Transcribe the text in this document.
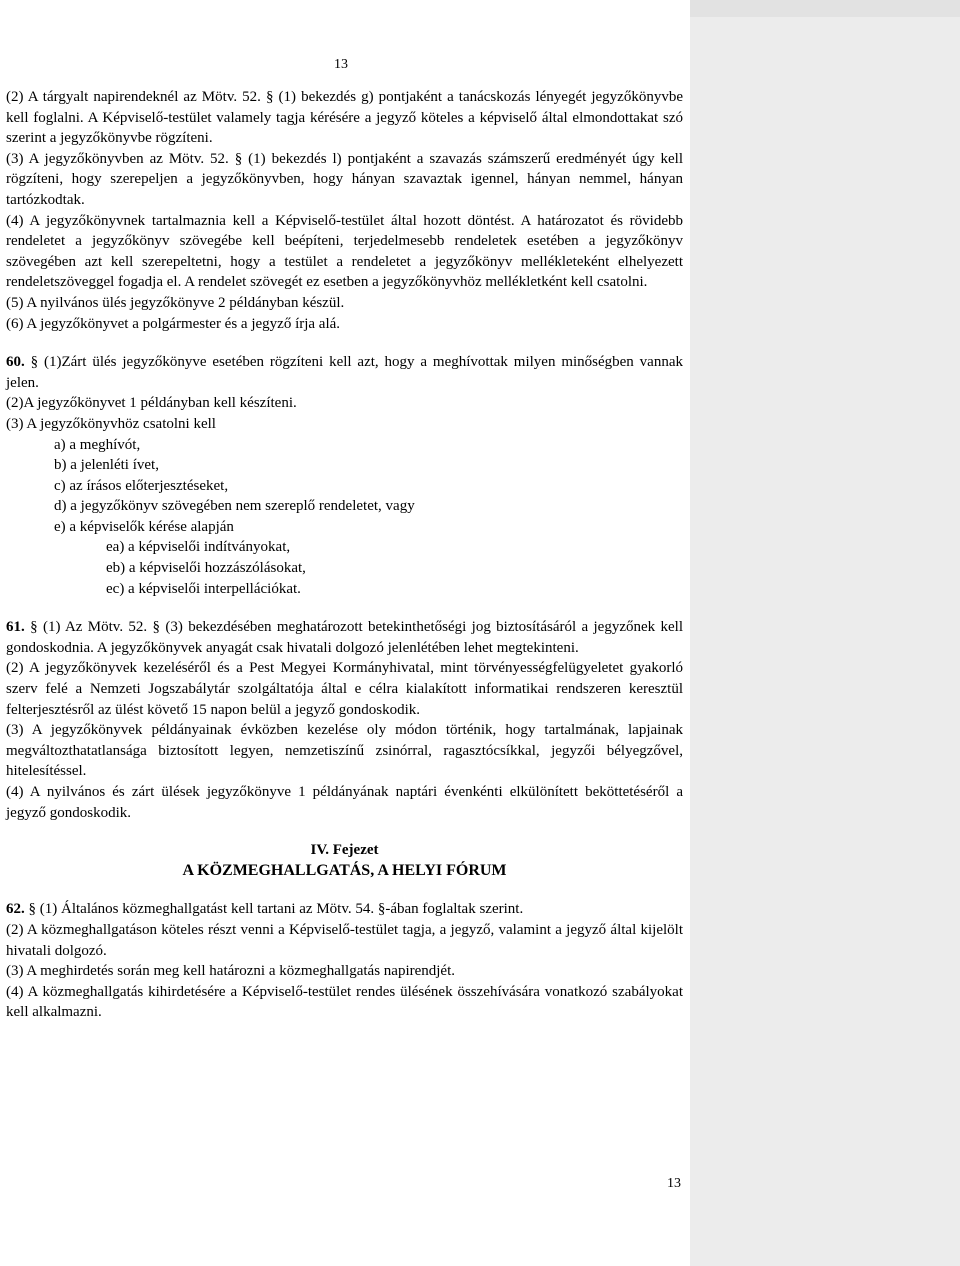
13

(2) A tárgyalt napirendeknél az Mötv. 52. § (1) bekezdés g) pontjaként a tanácskozás lényegét jegyzőkönyvbe kell foglalni. A Képviselő-testület valamely tagja kérésére a jegyző köteles a képviselő által elmondottakat szó szerint a jegyzőkönyvbe rögzíteni.

(3) A jegyzőkönyvben az Mötv. 52. § (1) bekezdés l) pontjaként a szavazás számszerű eredményét úgy kell rögzíteni, hogy szerepeljen a jegyzőkönyvben, hogy hányan szavaztak igennel, hányan nemmel, hányan tartózkodtak.

(4) A jegyzőkönyvnek tartalmaznia kell a Képviselő-testület által hozott döntést. A határozatot és rövidebb rendeletet a jegyzőkönyv szövegébe kell beépíteni, terjedelmesebb rendeletek esetében a jegyzőkönyv szövegében azt kell szerepeltetni, hogy a testület a rendeletet a jegyzőkönyv mellékleteként elhelyezett rendeletszöveggel fogadja el. A rendelet szövegét ez esetben a jegyzőkönyvhöz mellékletként kell csatolni.

(5) A nyilvános ülés jegyzőkönyve 2 példányban készül.

(6) A jegyzőkönyvet a polgármester és a jegyző írja alá.

60. § (1)Zárt ülés jegyzőkönyve esetében rögzíteni kell azt, hogy a meghívottak milyen minőségben vannak jelen.

(2)A jegyzőkönyvet 1 példányban kell készíteni.

(3) A jegyzőkönyvhöz csatolni kell

a) a meghívót,

b) a jelenléti ívet,

c) az írásos előterjesztéseket,

d) a jegyzőkönyv szövegében nem szereplő rendeletet, vagy

e) a képviselők kérése alapján

ea) a képviselői indítványokat,

eb) a képviselői hozzászólásokat,

ec) a képviselői interpellációkat.

61. § (1) Az Mötv. 52. § (3) bekezdésében meghatározott betekinthetőségi jog biztosításáról a jegyzőnek kell gondoskodnia. A jegyzőkönyvek anyagát csak hivatali dolgozó jelenlétében lehet megtekinteni.

(2) A jegyzőkönyvek kezeléséről és a Pest Megyei Kormányhivatal, mint törvényességfelügyeletet gyakorló szerv felé a Nemzeti Jogszabálytár szolgáltatója által e célra kialakított informatikai rendszeren keresztül felterjesztésről az ülést követő 15 napon belül a jegyző gondoskodik.

(3) A jegyzőkönyvek példányainak évközben kezelése oly módon történik, hogy tartalmának, lapjainak megváltozthatatlansága biztosított legyen, nemzetiszínű zsinórral, ragasztócsíkkal, jegyzői bélyegzővel, hitelesítéssel.

(4) A nyilvános és zárt ülések jegyzőkönyve 1 példányának naptári évenkénti elkülönített beköttetéséről a jegyző gondoskodik.

IV. Fejezet

A KÖZMEGHALLGATÁS, A HELYI FÓRUM

62. § (1) Általános közmeghallgatást kell tartani az Mötv. 54. §-ában foglaltak szerint.

(2) A közmeghallgatáson köteles részt venni a Képviselő-testület tagja, a jegyző, valamint a jegyző által kijelölt hivatali dolgozó.

(3) A meghirdetés során meg kell határozni a közmeghallgatás napirendjét.

(4) A közmeghallgatás kihirdetésére a Képviselő-testület rendes ülésének összehívására vonatkozó szabályokat kell alkalmazni.

13
